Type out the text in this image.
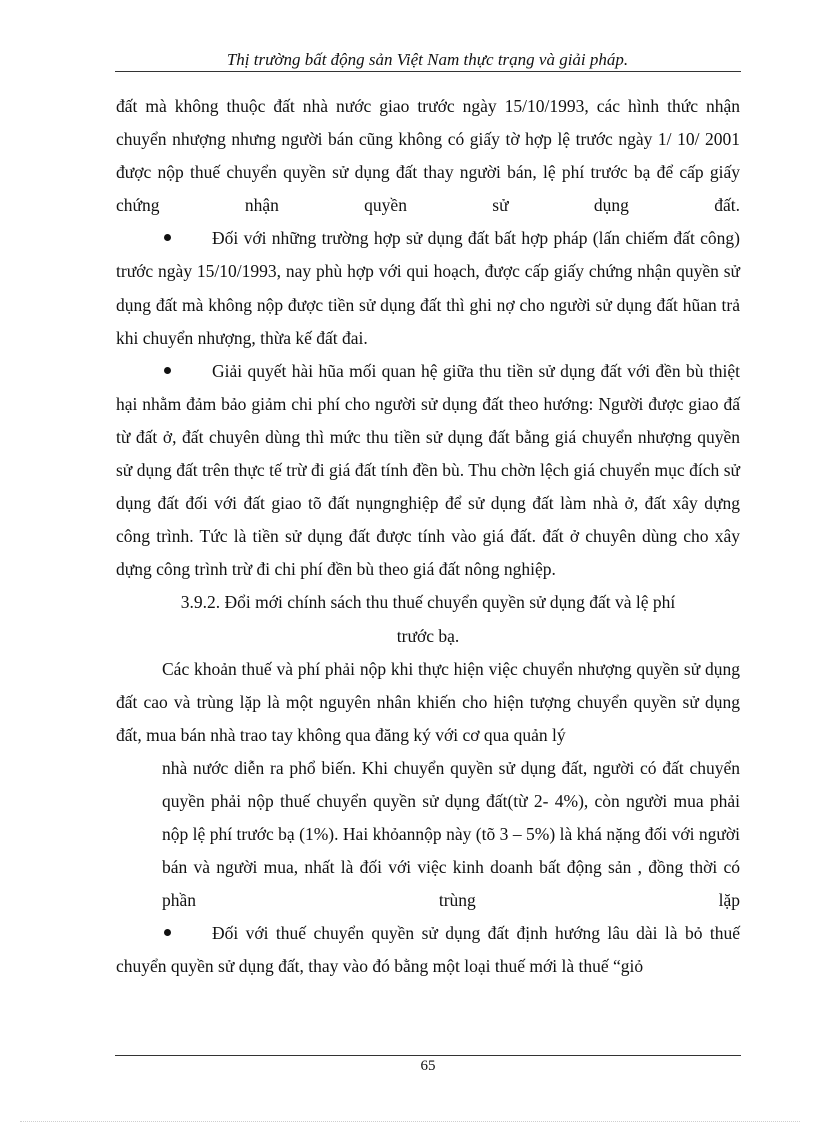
Thị trường bất động sản Việt Nam thực trạng và giải pháp.

đất mà không thuộc đất nhà nước giao trước ngày 15/10/1993, các hình thức nhận chuyển nhượng nhưng người bán cũng không có giấy tờ hợp lệ trước ngày 1/ 10/ 2001 được nộp thuế chuyển quyền sử dụng đất thay người bán, lệ phí trước bạ để cấp giấy chứng nhận quyền sử dụng đất.

Đối với những trường hợp sử dụng đất bất hợp pháp (lấn chiếm đất công) trước ngày 15/10/1993, nay phù hợp với qui hoạch, được cấp giấy chứng nhận quyền sử dụng đất mà không nộp được tiền sử dụng đất thì ghi nợ cho người sử dụng đất hũan trả khi chuyển nhượng, thừa kế đất đai.

Giải quyết hài hũa mối quan hệ giữa thu tiền sử dụng đất với đền bù thiệt hại nhằm đảm bảo giảm chi phí cho người sử dụng đất theo hướng: Người được giao đấ từ đất ở, đất chuyên dùng thì mức thu tiền sử dụng đất bằng giá chuyển nhượng quyền sử dụng đất trên thực tế trừ đi giá đất tính đền bù. Thu chờn lệch giá chuyển mục đích sử dụng đất đối với đất giao tõ đất nụngnghiệp để sử dụng đất làm nhà ở, đất xây dựng công trình. Tức là tiền sử dụng đất được tính vào giá đất. đất ở chuyên dùng cho xây dựng công trình trừ đi chi phí đền bù theo giá đất nông nghiệp.

3.9.2. Đổi mới chính sách thu thuế chuyển quyền sử dụng đất và lệ phí

trước bạ.

Các khoản thuế và phí phải nộp khi thực hiện việc chuyển nhượng quyền sử dụng đất cao và trùng lặp là một nguyên nhân khiến cho hiện tượng chuyển quyền sử dụng đất, mua bán nhà trao tay không qua đăng ký với cơ qua quản lý

nhà nước diễn ra phổ biến. Khi chuyển quyền sử dụng đất, người có đất chuyển quyền phải nộp thuế chuyển quyền sử dụng đất(từ 2- 4%), còn người mua phải nộp lệ phí trước bạ (1%). Hai khỏannộp này (tõ 3 – 5%) là khá nặng đối với người bán và người mua, nhất là đối với việc kinh doanh bất động sản , đồng thời có phần trùng lặp

Đối với thuế chuyển quyền sử dụng đất định hướng lâu dài là bỏ thuế chuyển quyền sử dụng đất, thay vào đó bằng một loại thuế mới là thuế “giỏ

65
